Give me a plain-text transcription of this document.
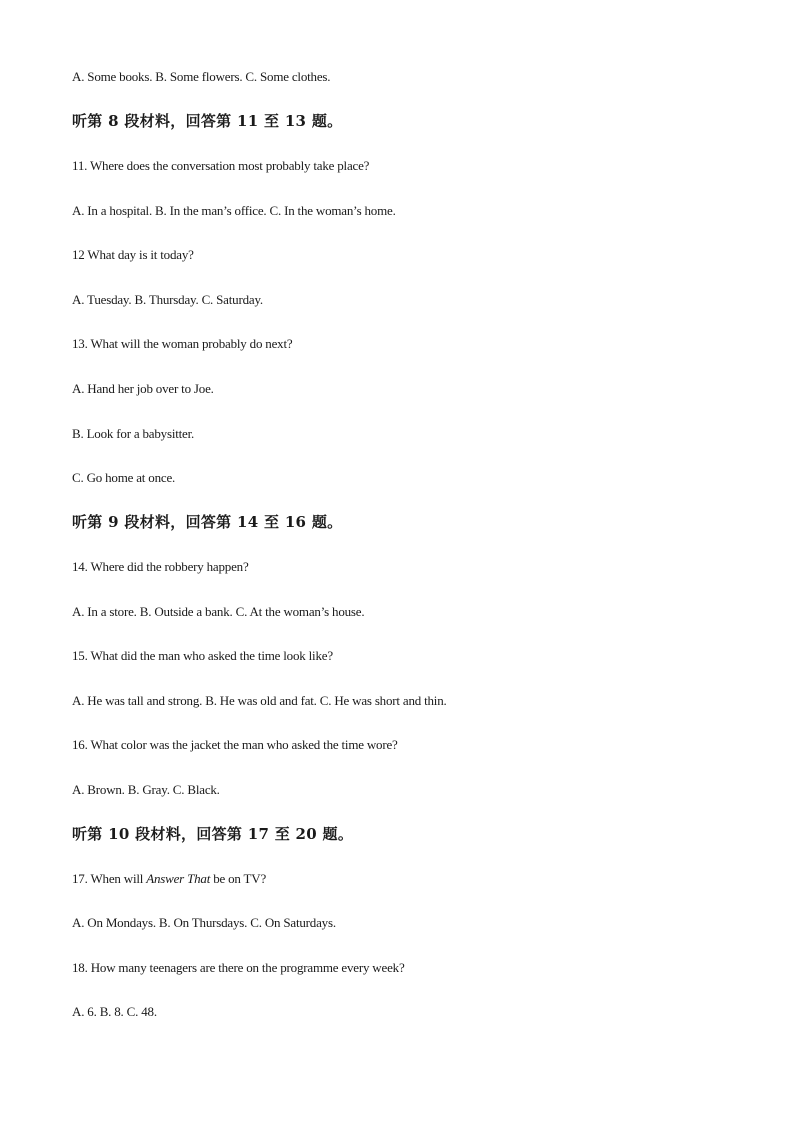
A. Some books. B. Some flowers. C. Some clothes.
听第 8 段材料，回答第 11 至 13 题。
11. Where does the conversation most probably take place?
A. In a hospital. B. In the man’s office. C. In the woman’s home.
12 What day is it today?
A. Tuesday. B. Thursday. C. Saturday.
13. What will the woman probably do next?
A. Hand her job over to Joe.
B. Look for a babysitter.
C. Go home at once.
听第 9 段材料，回答第 14 至 16 题。
14. Where did the robbery happen?
A. In a store. B. Outside a bank. C. At the woman’s house.
15. What did the man who asked the time look like?
A. He was tall and strong. B. He was old and fat. C. He was short and thin.
16. What color was the jacket the man who asked the time wore?
A. Brown. B. Gray. C. Black.
听第 10 段材料，回答第 17 至 20 题。
17. When will Answer That be on TV?
A. On Mondays. B. On Thursdays. C. On Saturdays.
18. How many teenagers are there on the programme every week?
A. 6. B. 8. C. 48.
